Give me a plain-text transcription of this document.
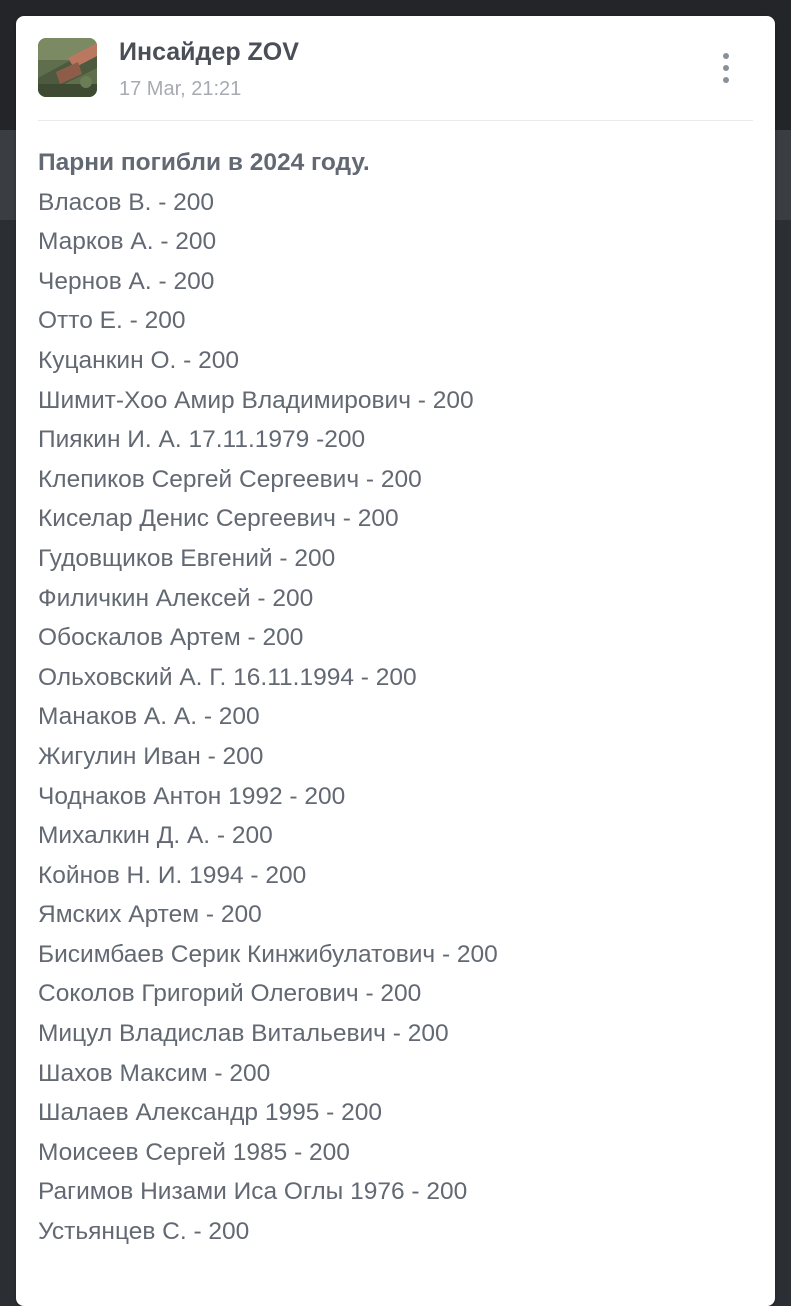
Инсайдер ZOV
17 Mar, 21:21
Парни погибли в 2024 году.
Власов В. - 200
Марков А. - 200
Чернов А. - 200
Отто Е. - 200
Куцанкин О. - 200
Шимит-Хоо Амир Владимирович - 200
Пиякин И. А. 17.11.1979 -200
Клепиков Сергей Сергеевич - 200
Киселар Денис Сергеевич - 200
Гудовщиков Евгений - 200
Филичкин Алексей - 200
Обоскалов Артем - 200
Ольховский А. Г. 16.11.1994 - 200
Манаков А. А. - 200
Жигулин Иван - 200
Чоднаков Антон 1992 - 200
Михалкин Д. А. - 200
Койнов Н. И. 1994 - 200
Ямских Артем - 200
Бисимбаев Серик Кинжибулатович - 200
Соколов Григорий Олегович - 200
Мицул Владислав Витальевич - 200
Шахов Максим - 200
Шалаев Александр 1995 - 200
Моисеев Сергей 1985 - 200
Рагимов Низами Иса Оглы 1976 - 200
Устьянцев С. - 200
